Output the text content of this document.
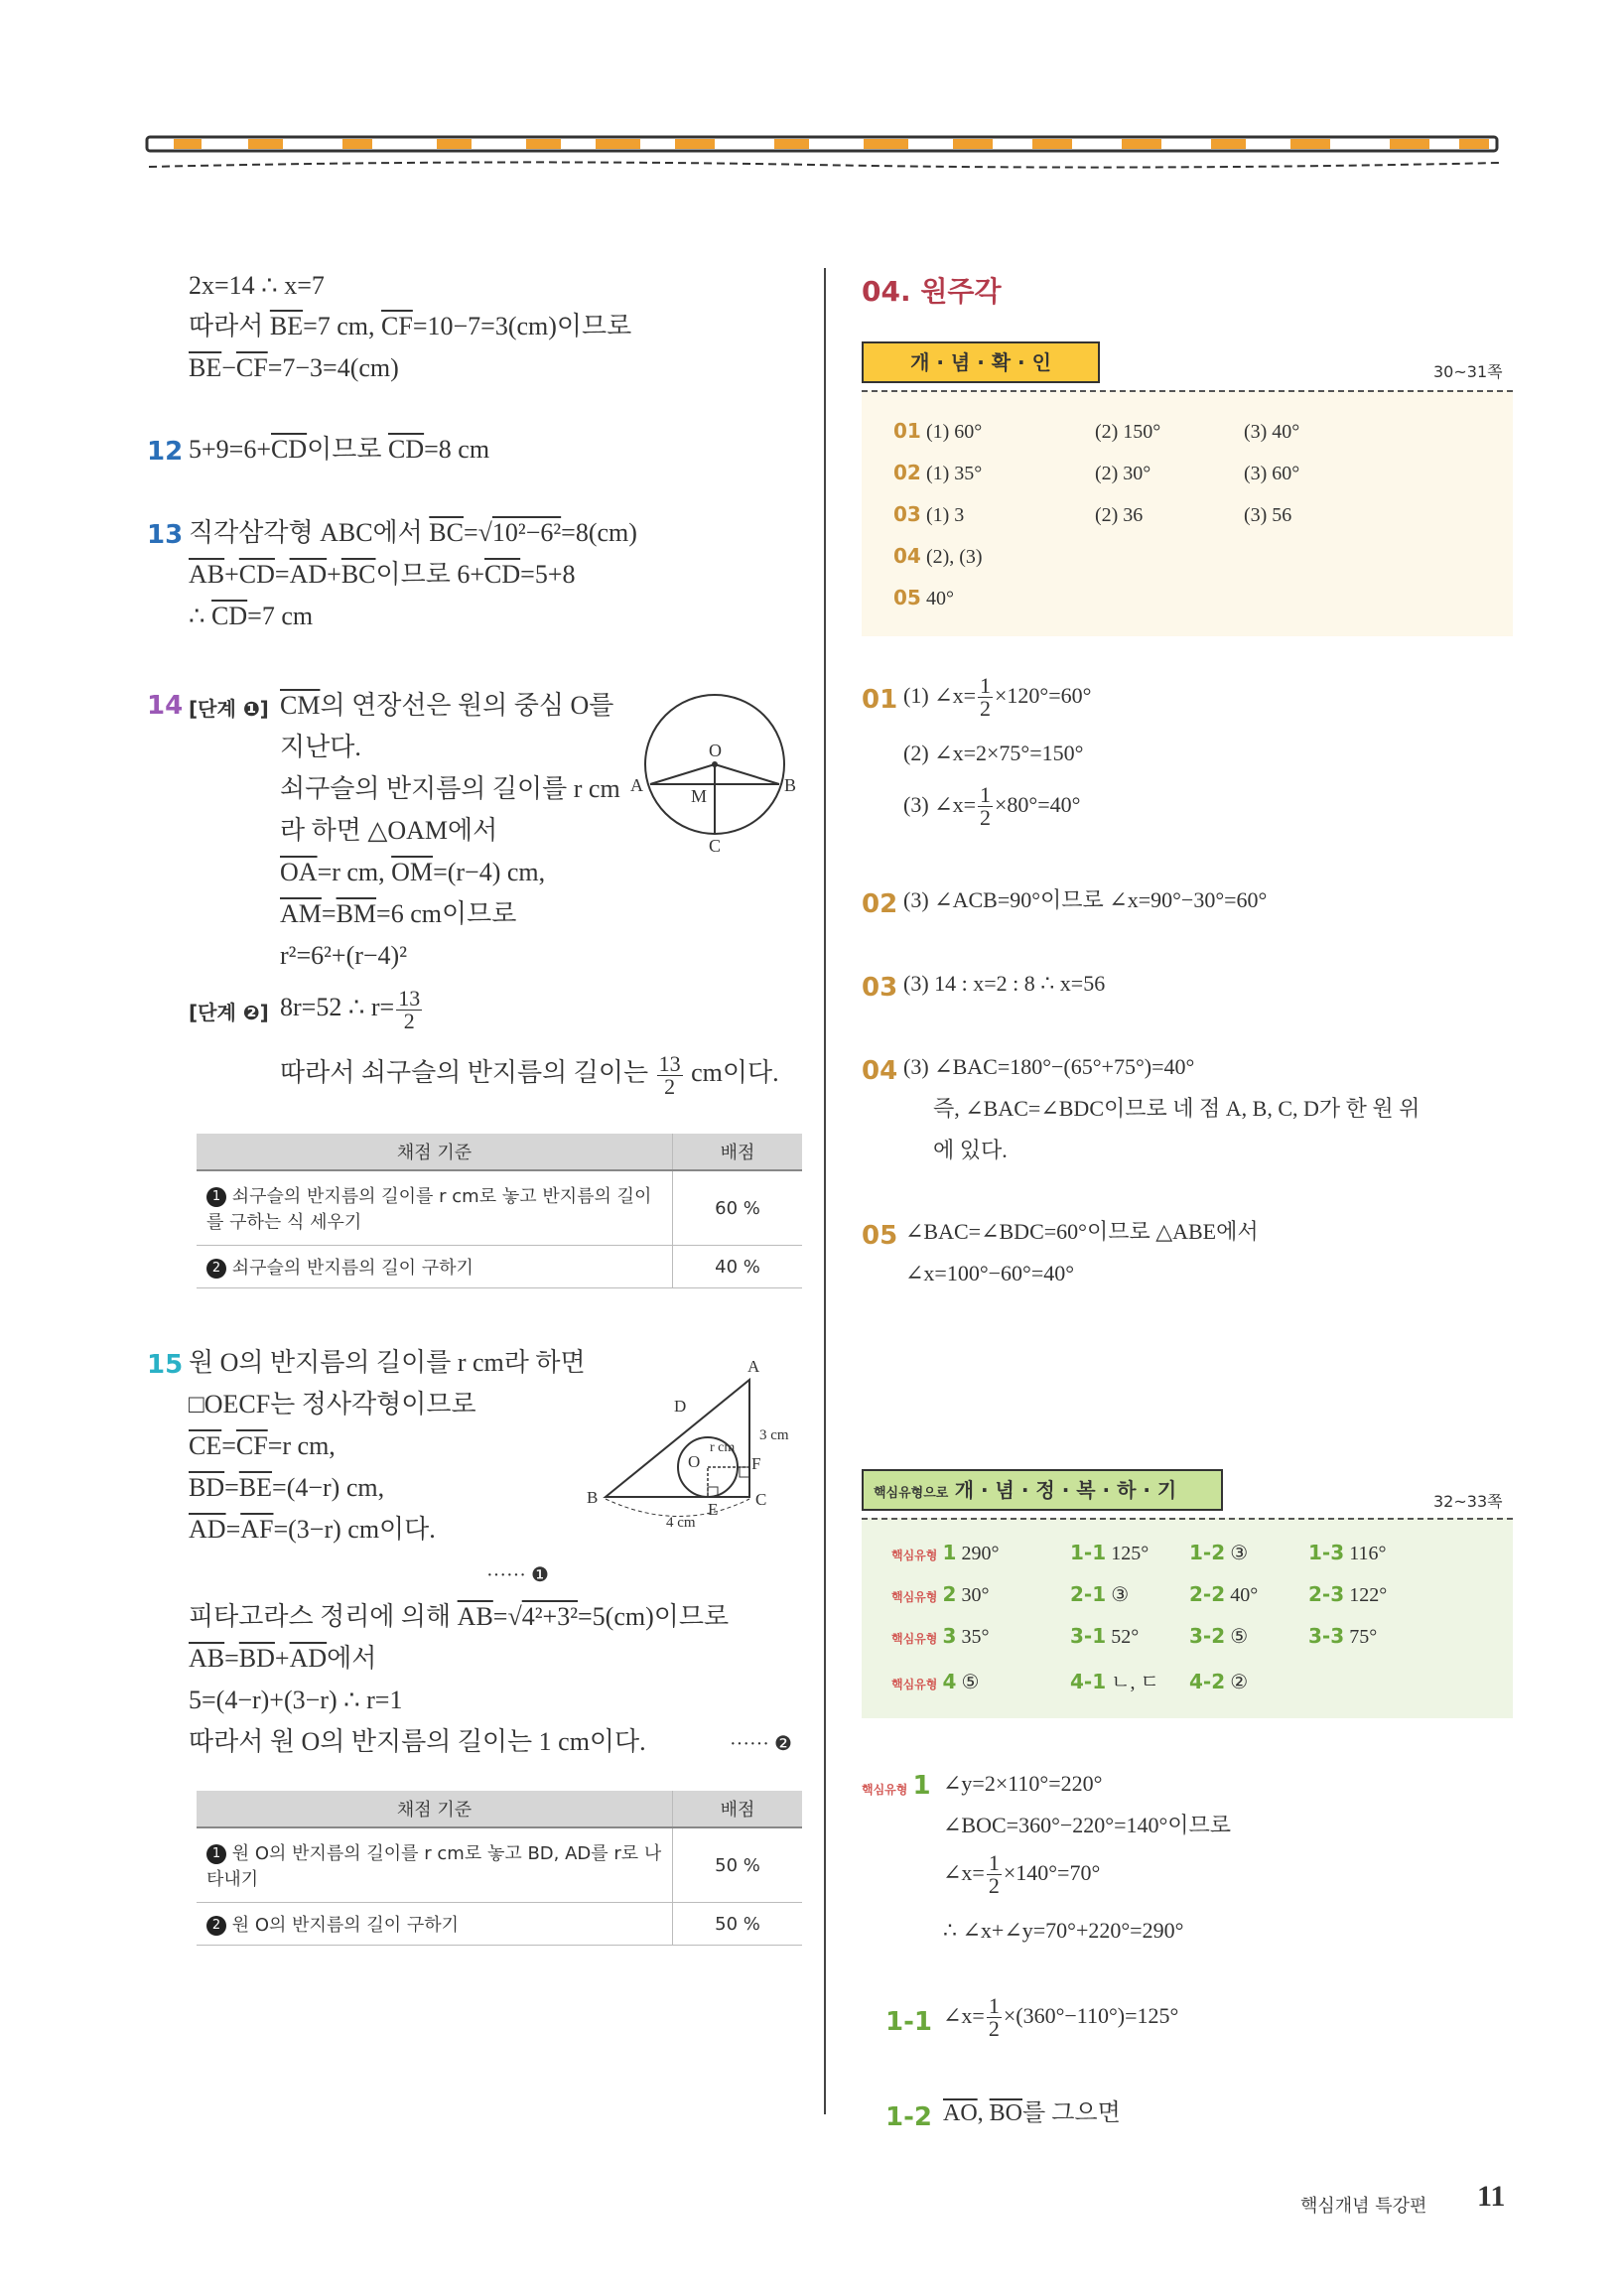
2x=14 ∴ x=7
따라서 $\overline{BE}=7$ cm, $\overline{CF}=10-7=3(cm)$이므로
$\overline{BE}-\overline{CF}=7-3=4(cm)$
12 $5+9=6+\overline{CD}$이므로 $\overline{CD}=8$ cm
13 직각삼각형 ABC에서 $\overline{BC}=√10^2-6^2=8(cm)$
$\overline{AB}+\overline{CD}=\overline{AD}+\overline{BC}$이므로 $6+\overline{CD}=5+8$
∴ $\overline{CD}=7$ cm
14 [단계 ❶] $\overline{CM}$의 연장선은 원의 중심 O를
지난다.
쇠구슬의 반지름의 길이를 r cm
라 하면 △OAM에서
$\overline{OA}=r$ cm, $\overline{OM}=(r-4)$ cm,
$\overline{AM}=\overline{BM}=6$ cm이므로
r²=6²+(r−4)²
O
A	B
M
C
[단계 ❷] 8r=52 ∴ $r= \frac{13}{2}$
따라서 쇠구슬의 반지름의 길이는 $\frac{13}{2}$ cm이다.
채점 기준	배점
1 쇠구슬의 반지름의 길이를 r cm로 놓고 반지름의 길이를 구하는 식 세우기	60 %
2 쇠구슬의 반지름의 길이 구하기	40 %
15 원 O의 반지름의 길이를 r cm라 하면
□OECF는 정사각형이므로
$\overline{CE}=\overline{CF}=r$ cm,
$\overline{BD}=\overline{BE}=(4-r)$ cm,
$\overline{AD}=\overline{AF}=(3-r)$ cm이다.
······ ❶
A
B	C
D
E
F
O
r cm
3 cm
4 cm
피타고라스 정리에 의해 $\overline{AB}=√4^2+3^2=5(cm)$이므로
$\overline{AB}=\overline{BD}+\overline{AD}$에서
5=(4−r)+(3−r) ∴ r=1
따라서 원 O의 반지름의 길이는 1 cm이다.	······ ❷
채점 기준	배점
1 원 O의 반지름의 길이를 r cm로 놓고 BD, AD를 r로 나타내기	50 %
2 원 O의 반지름의 길이 구하기	50 %
04. 원주각
개 · 념 · 확 · 인	30~31쪽
01 (1) 60°	(2) 150°	(3) 40°
02 (1) 35°	(2) 30°	(3) 60°
03 (1) 3	(2) 36	(3) 56
04 (2), (3)
05 40°
01 (1) ∠x= $\frac{1}{2} \times 120^\circ=60^\circ$
(2) ∠x=2×75°=150°
(3) ∠x= $\frac{1}{2} \times 80^\circ=40^\circ$
02 (3) ∠ACB=90°이므로 ∠x=90°−30°=60°
03 (3) 14 : x=2 : 8 ∴ x=56
04 (3) ∠BAC=180°−(65°+75°)=40°
즉, ∠BAC=∠BDC이므로 네 점 A, B, C, D가 한 원 위
에 있다.
05 ∠BAC=∠BDC=60°이므로 △ABE에서
∠x=100°−60°=40°
핵심유형으로 개 · 념 · 정 · 복 · 하 · 기	32~33쪽
핵심유형 1 290°	1-1 125° 1-2 ③	1-3 116°
핵심유형 2 30°	2-1 ③	2-2 40°	2-3 122°
핵심유형 3 35°	3-1 52°	3-2 ⑤	3-3 75°
핵심유형 4 ⑤	4-1 ㄴ, ㄷ 4-2 ②
핵심유형 1 ∠y=2×110°=220°
∠BOC=360°−220°=140°이므로
∠x= $\frac{1}{2} \times 140^\circ=70^\circ$
∴ ∠x+∠y=70°+220°=290°
1-1 ∠x= $\frac{1}{2} \times(360^\circ-110^\circ)=125^\circ$
1-2 $\overline{AO}$, $\overline{BO}$를 그으면
핵심개념 특강편 11
